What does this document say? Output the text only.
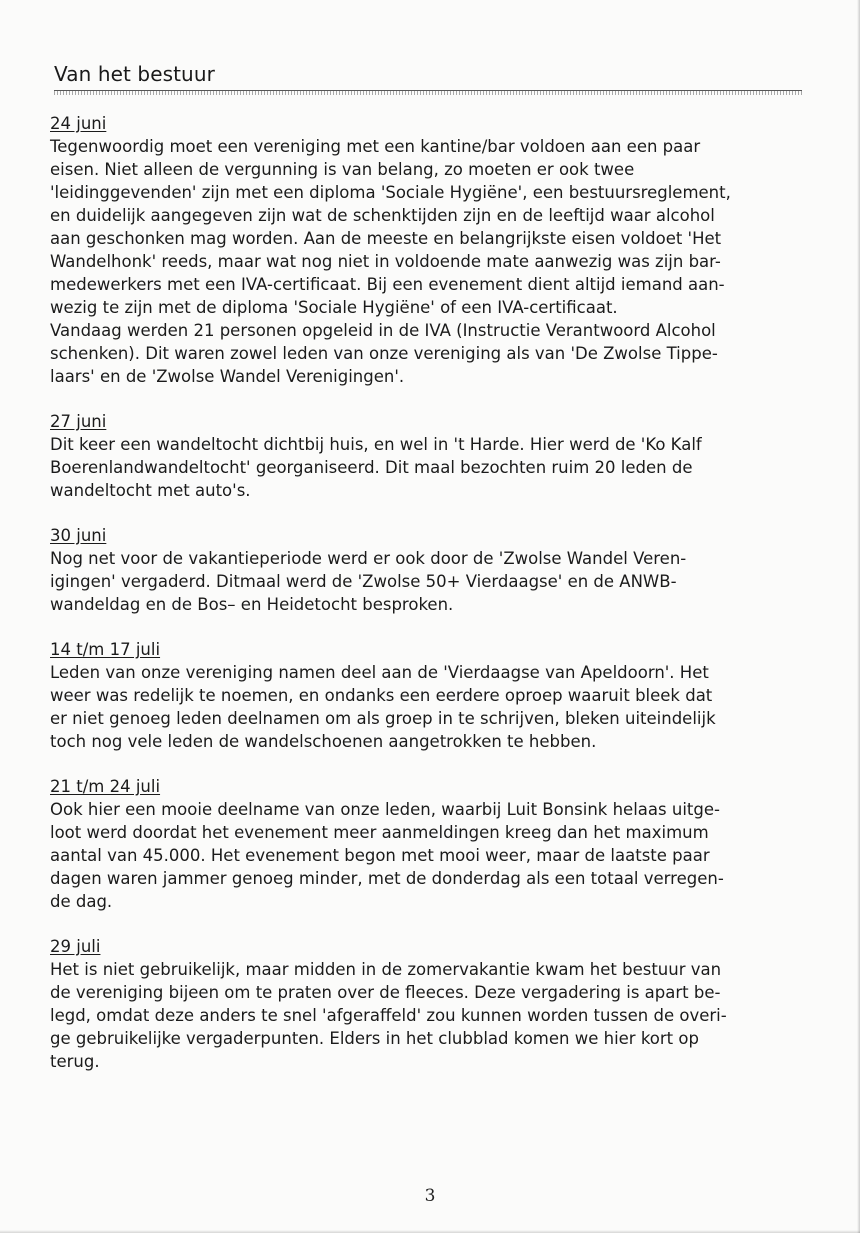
Van het bestuur
24 juni

Tegenwoordig moet een vereniging met een kantine/bar voldoen aan een paar
eisen. Niet alleen de vergunning is van belang, zo moeten er ook twee
'leidinggevenden' zijn met een diploma 'Sociale Hygiëne', een bestuursreglement,
en duidelijk aangegeven zijn wat de schenktijden zijn en de leeftijd waar alcohol
aan geschonken mag worden. Aan de meeste en belangrijkste eisen voldoet 'Het
Wandelhonk' reeds, maar wat nog niet in voldoende mate aanwezig was zijn bar-
medewerkers met een IVA-certificaat. Bij een evenement dient altijd iemand aan-
wezig te zijn met de diploma 'Sociale Hygiëne' of een IVA-certificaat.
Vandaag werden 21 personen opgeleid in de IVA (Instructie Verantwoord Alcohol
schenken). Dit waren zowel leden van onze vereniging als van 'De Zwolse Tippe-
laars' en de 'Zwolse Wandel Verenigingen'.

27 juni

Dit keer een wandeltocht dichtbij huis, en wel in 't Harde. Hier werd de 'Ko Kalf
Boerenlandwandeltocht' georganiseerd. Dit maal bezochten ruim 20 leden de
wandeltocht met auto's.

30 juni

Nog net voor de vakantieperiode werd er ook door de 'Zwolse Wandel Veren-
igingen' vergaderd. Ditmaal werd de 'Zwolse 50+ Vierdaagse' en de ANWB-
wandeldag en de Bos– en Heidetocht besproken.

14 t/m 17 juli

Leden van onze vereniging namen deel aan de 'Vierdaagse van Apeldoorn'. Het
weer was redelijk te noemen, en ondanks een eerdere oproep waaruit bleek dat
er niet genoeg leden deelnamen om als groep in te schrijven, bleken uiteindelijk
toch nog vele leden de wandelschoenen aangetrokken te hebben.

21 t/m 24 juli

Ook hier een mooie deelname van onze leden, waarbij Luit Bonsink helaas uitge-
loot werd doordat het evenement meer aanmeldingen kreeg dan het maximum
aantal van 45.000. Het evenement begon met mooi weer, maar de laatste paar
dagen waren jammer genoeg minder, met de donderdag als een totaal verregen-
de dag.

29 juli

Het is niet gebruikelijk, maar midden in de zomervakantie kwam het bestuur van
de vereniging bijeen om te praten over de fleeces. Deze vergadering is apart be-
legd, omdat deze anders te snel 'afgeraffeld' zou kunnen worden tussen de overi-
ge gebruikelijke vergaderpunten. Elders in het clubblad komen we hier kort op
terug.

3
